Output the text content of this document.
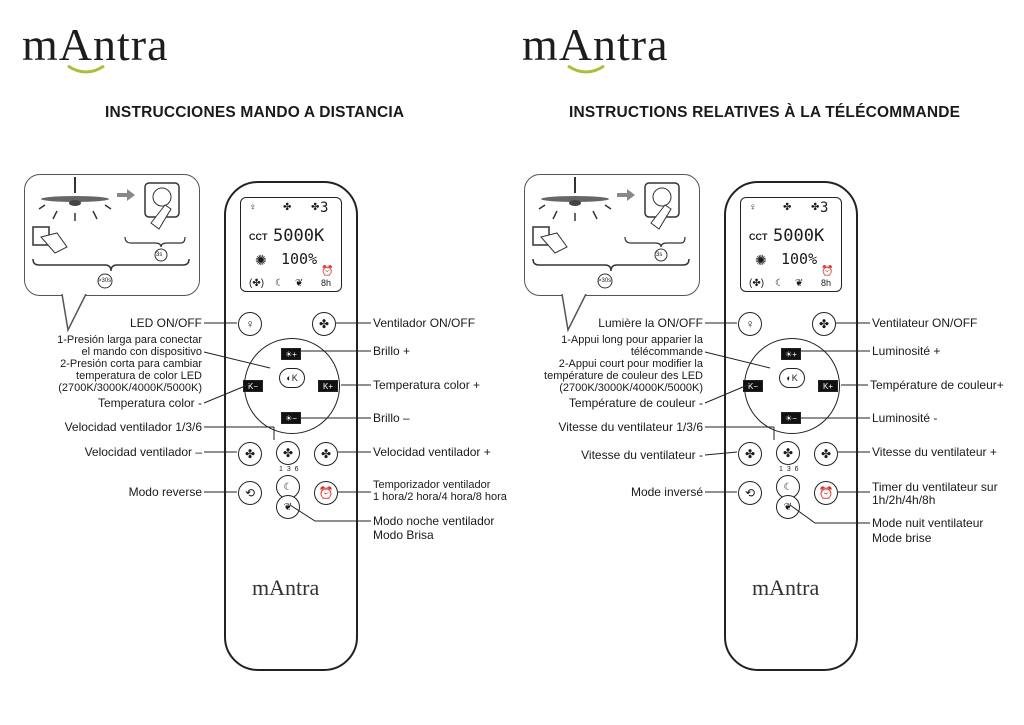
mAntra
INSTRUCCIONES MANDO A DISTANCIA
3s
>30s
♀	✤ ✤ 3
CCT 5000K
✺ 100%
(✤) ☾ ❦
⏰
8h
♀	✤
☀+
K−	K+
☀−
◐K
✤	✤
1 3 6
✤
⟲	☾
❦
⏰
mAntra
LED ON/OFF
1-Presión larga para conectar
el mando con dispositivo
2-Presión corta para cambiar
temperatura de color LED
(2700K/3000K/4000K/5000K)
Temperatura color -
Velocidad ventilador 1/3/6
Velocidad ventilador –
Modo reverse
Ventilador ON/OFF
Brillo +
Temperatura color +
Brillo –
Velocidad ventilador +
Temporizador ventilador
1 hora/2 hora/4 hora/8 hora
Modo noche ventilador
Modo Brisa
mAntra
INSTRUCTIONS RELATIVES À LA TÉLÉCOMMANDE
3s
>30s
♀	✤ ✤ 3
CCT 5000K
✺ 100%
(✤) ☾ ❦
⏰
8h
♀	✤
☀+
K−	K+
☀−
◐K
✤	✤
1 3 6
✤
⟲	☾
❦
⏰
mAntra
Lumière la ON/OFF
1-Appui long pour apparier la
télécommande
2-Appui court pour modifier la
température de couleur des LED
(2700K/3000K/4000K/5000K)
Température de couleur -
Vitesse du ventilateur 1/3/6
Vitesse du ventilateur -
Mode inversé
Ventilateur ON/OFF
Luminosité +
Température de couleur+
Luminosité -
Vitesse du ventilateur +
Timer du ventilateur sur
1h/2h/4h/8h
Mode nuit ventilateur
Mode brise
